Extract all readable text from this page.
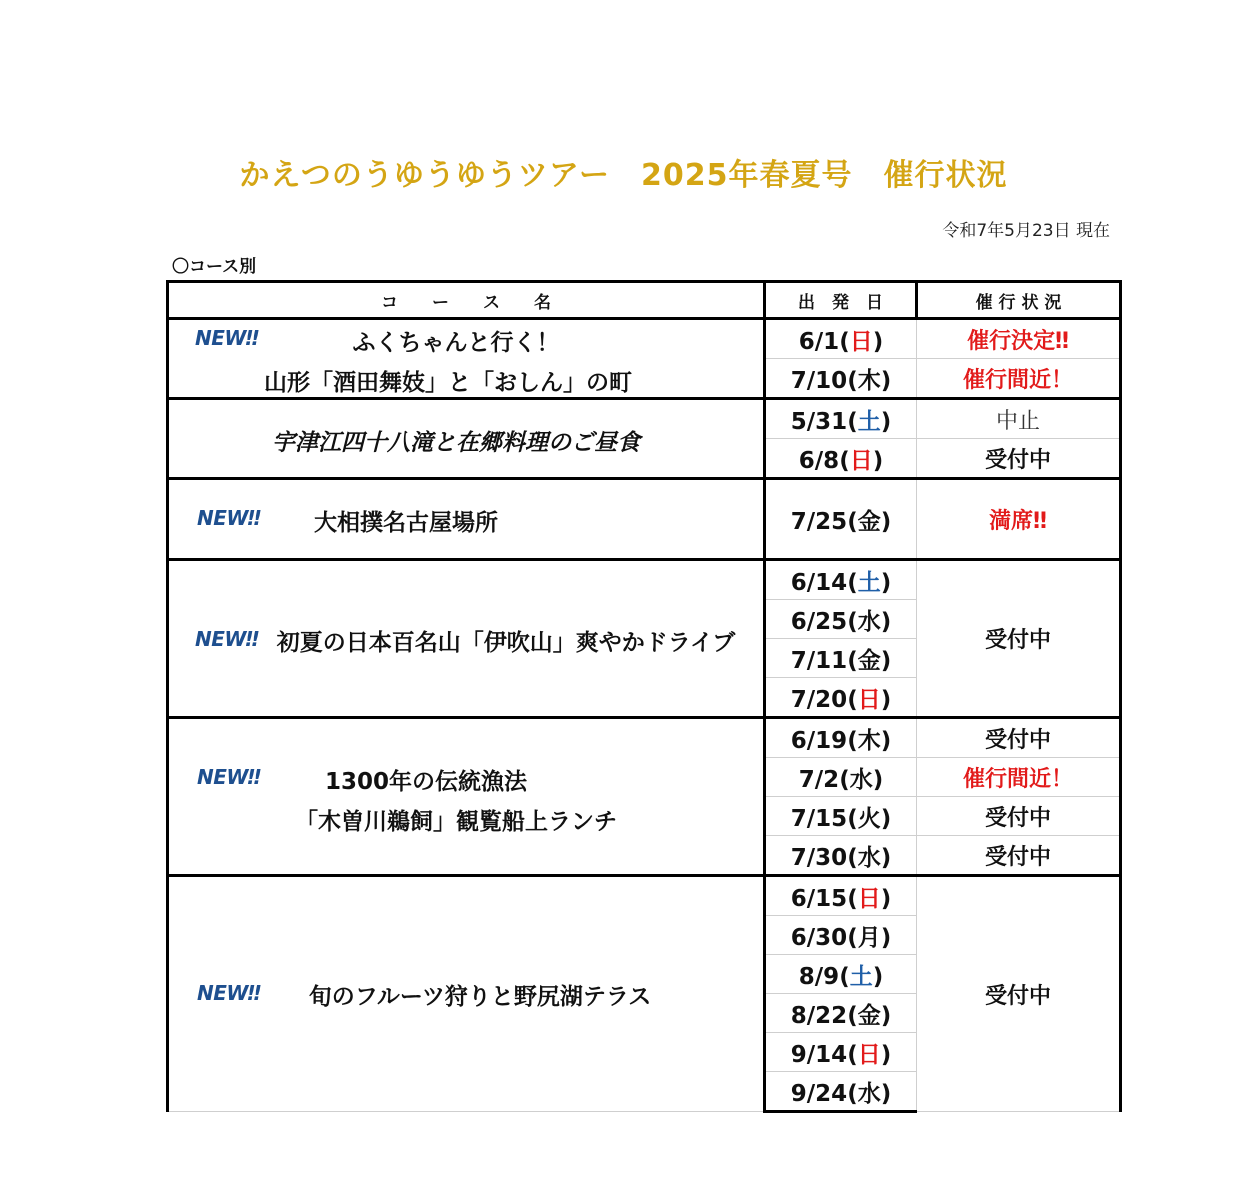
かえつのうゆうゆうツアー　2025年春夏号　催行状況
令和7年5月23日 現在
〇コース別
コ　　ー　　ス　　名	出　発　日	催 行 状 況

NEW‼ ふくちゃんと行く！
山形「酒田舞妓」と「おしん」の町	6/1(日)	催行決定‼
	7/10(木)	催行間近！

宇津江四十八滝と在郷料理のご昼食	5/31(土)	中止
	6/8(日)	受付中

NEW‼ 大相撲名古屋場所	7/25(金)	満席‼

NEW‼ 初夏の日本百名山「伊吹山」爽やかドライブ	6/14(土)	受付中
	6/25(水)	
	7/11(金)	
	7/20(日)	

NEW‼ 1300年の伝統漁法
「木曽川鵜飼」観覧船上ランチ	6/19(木)	受付中
	7/2(水)	催行間近！
	7/15(火)	受付中
	7/30(水)	受付中

NEW‼ 旬のフルーツ狩りと野尻湖テラス	6/15(日)	受付中
	6/30(月)	
	8/9(土)	
	8/22(金)	
	9/14(日)	
	9/24(水)	
